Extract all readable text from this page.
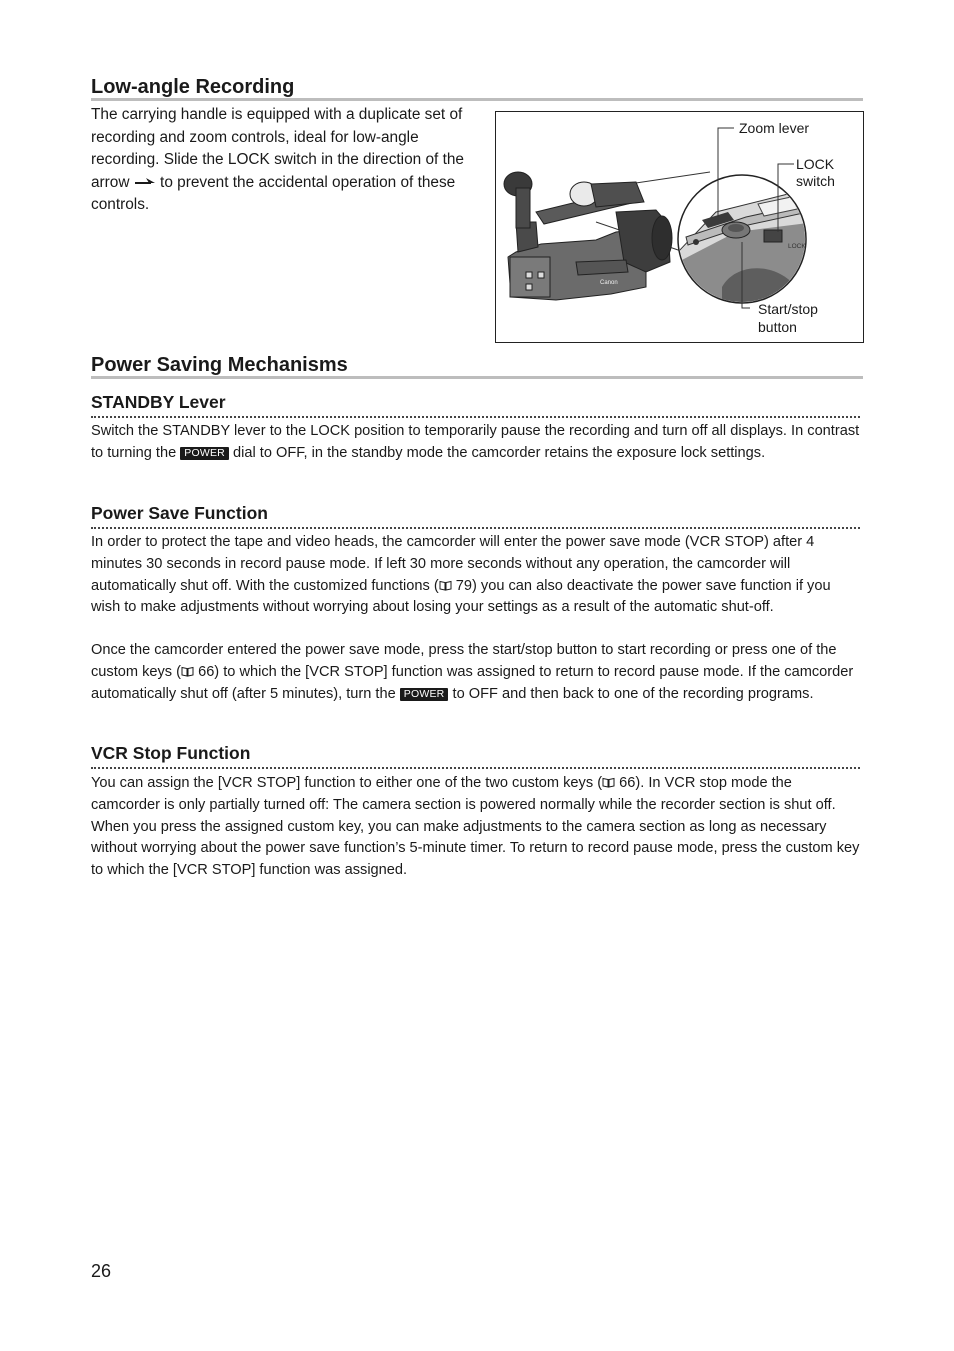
Low-angle Recording

The carrying handle is equipped with a duplicate set of recording and zoom controls, ideal for low-angle recording. Slide the LOCK switch in the direction of the arrow to prevent the accidental operation of these controls.

Canon
LOCK
Zoom lever
LOCK
switch
Start/stop
button
Power Saving Mechanisms
STANDBY Lever

Switch the STANDBY lever to the LOCK position to temporarily pause the recording and turn off all displays. In contrast to turning the POWER dial to OFF, in the standby mode the camcorder retains the exposure lock settings.

Power Save Function

In order to protect the tape and video heads, the camcorder will enter the power save mode (VCR STOP) after 4 minutes 30 seconds in record pause mode. If left 30 more seconds without any operation, the camcorder will automatically shut off. With the customized functions ( 79) you can also deactivate the power save function if you wish to make adjustments without worrying about losing your settings as a result of the automatic shut-off.

Once the camcorder entered the power save mode, press the start/stop button to start recording or press one of the custom keys ( 66) to which the [VCR STOP] function was assigned to return to record pause mode. If the camcorder automatically shut off (after 5 minutes), turn the POWER to OFF and then back to one of the recording programs.

VCR Stop Function

You can assign the [VCR STOP] function to either one of the two custom keys ( 66). In VCR stop mode the camcorder is only partially turned off: The camera section is powered normally while the recorder section is shut off. When you press the assigned custom key, you can make adjustments to the camera section as long as necessary without worrying about the power save function’s 5-minute timer. To return to record pause mode, press the custom key to which the [VCR STOP] function was assigned.

26
